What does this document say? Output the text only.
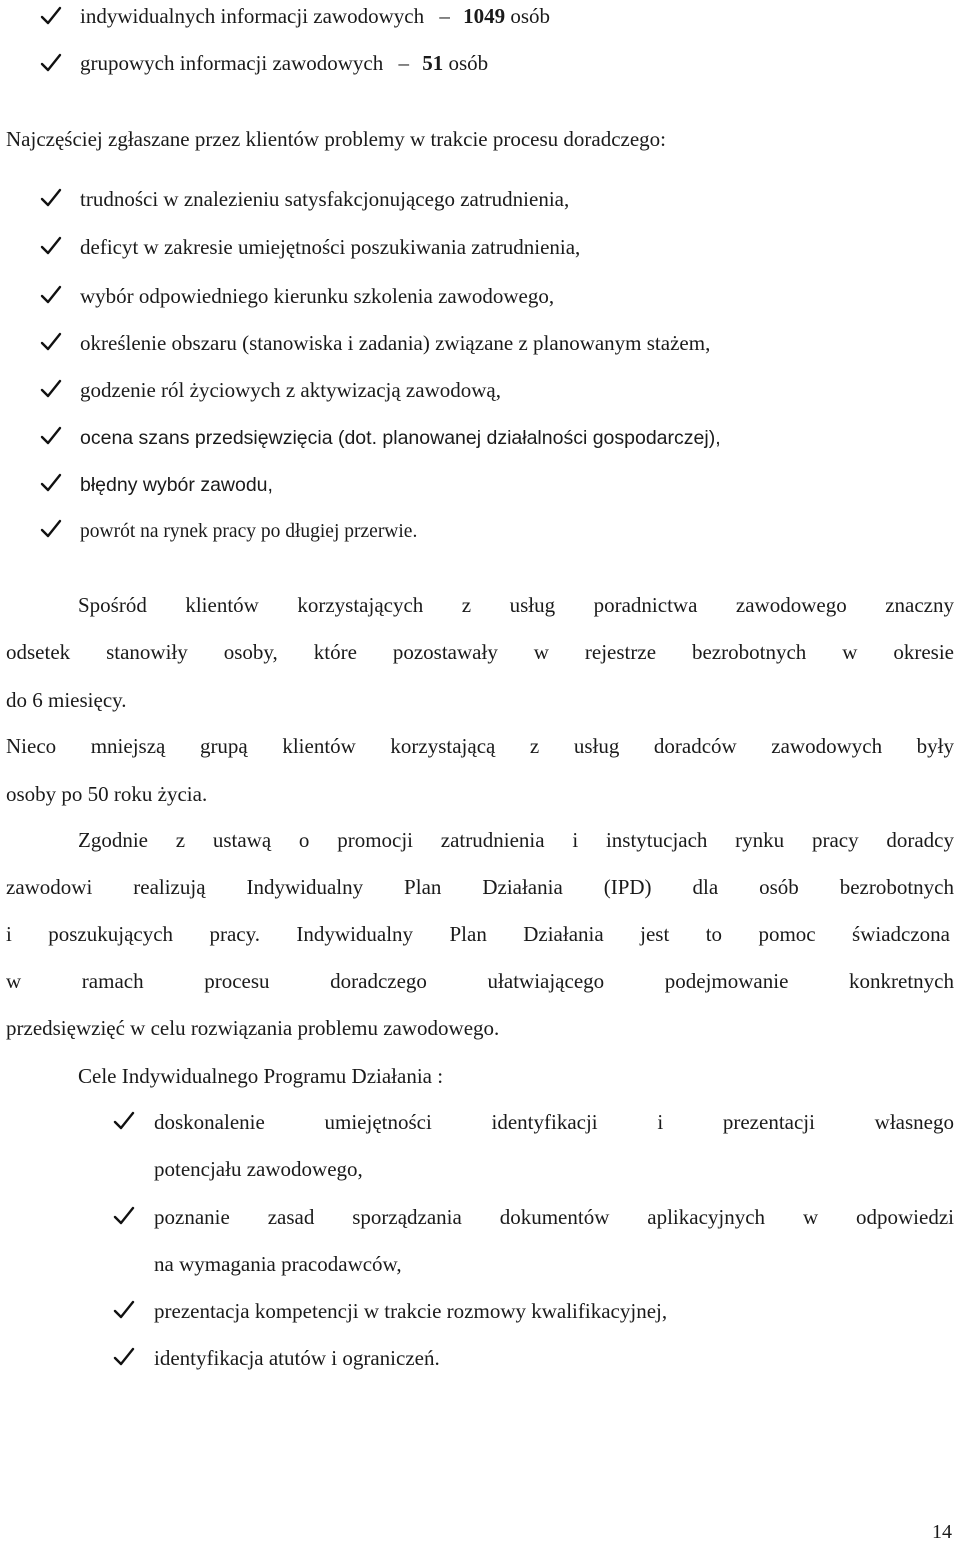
indywidualnych informacji zawodowych – 1049 osób
grupowych informacji zawodowych – 51 osób
Najczęściej zgłaszane przez klientów problemy w trakcie procesu doradczego:
trudności w znalezieniu satysfakcjonującego zatrudnienia,
deficyt w zakresie umiejętności poszukiwania zatrudnienia,
wybór odpowiedniego kierunku szkolenia zawodowego,
określenie obszaru (stanowiska i zadania) związane z planowanym stażem,
godzenie ról życiowych z aktywizacją zawodową,
ocena szans przedsięwzięcia (dot. planowanej działalności gospodarczej),
błędny wybór zawodu,
powrót na rynek pracy po długiej przerwie.
Spośród klientów korzystających z usług poradnictwa zawodowego znaczny
odsetek stanowiły osoby, które pozostawały w rejestrze bezrobotnych w okresie
do 6 miesięcy.
Nieco mniejszą grupą klientów korzystającą z usług doradców zawodowych były
osoby po 50 roku życia.
Zgodnie z ustawą o promocji zatrudnienia i instytucjach rynku pracy doradcy
zawodowi realizują Indywidualny Plan Działania (IPD) dla osób bezrobotnych
i poszukujących pracy. Indywidualny Plan Działania jest to pomoc świadczona
w ramach procesu doradczego ułatwiającego podejmowanie konkretnych
przedsięwzięć w celu rozwiązania problemu zawodowego.
Cele Indywidualnego Programu Działania :
doskonalenie umiejętności identyfikacji i prezentacji własnego
potencjału zawodowego,
poznanie zasad sporządzania dokumentów aplikacyjnych w odpowiedzi
na wymagania pracodawców,
prezentacja kompetencji w trakcie rozmowy kwalifikacyjnej,
identyfikacja atutów i ograniczeń.
14
